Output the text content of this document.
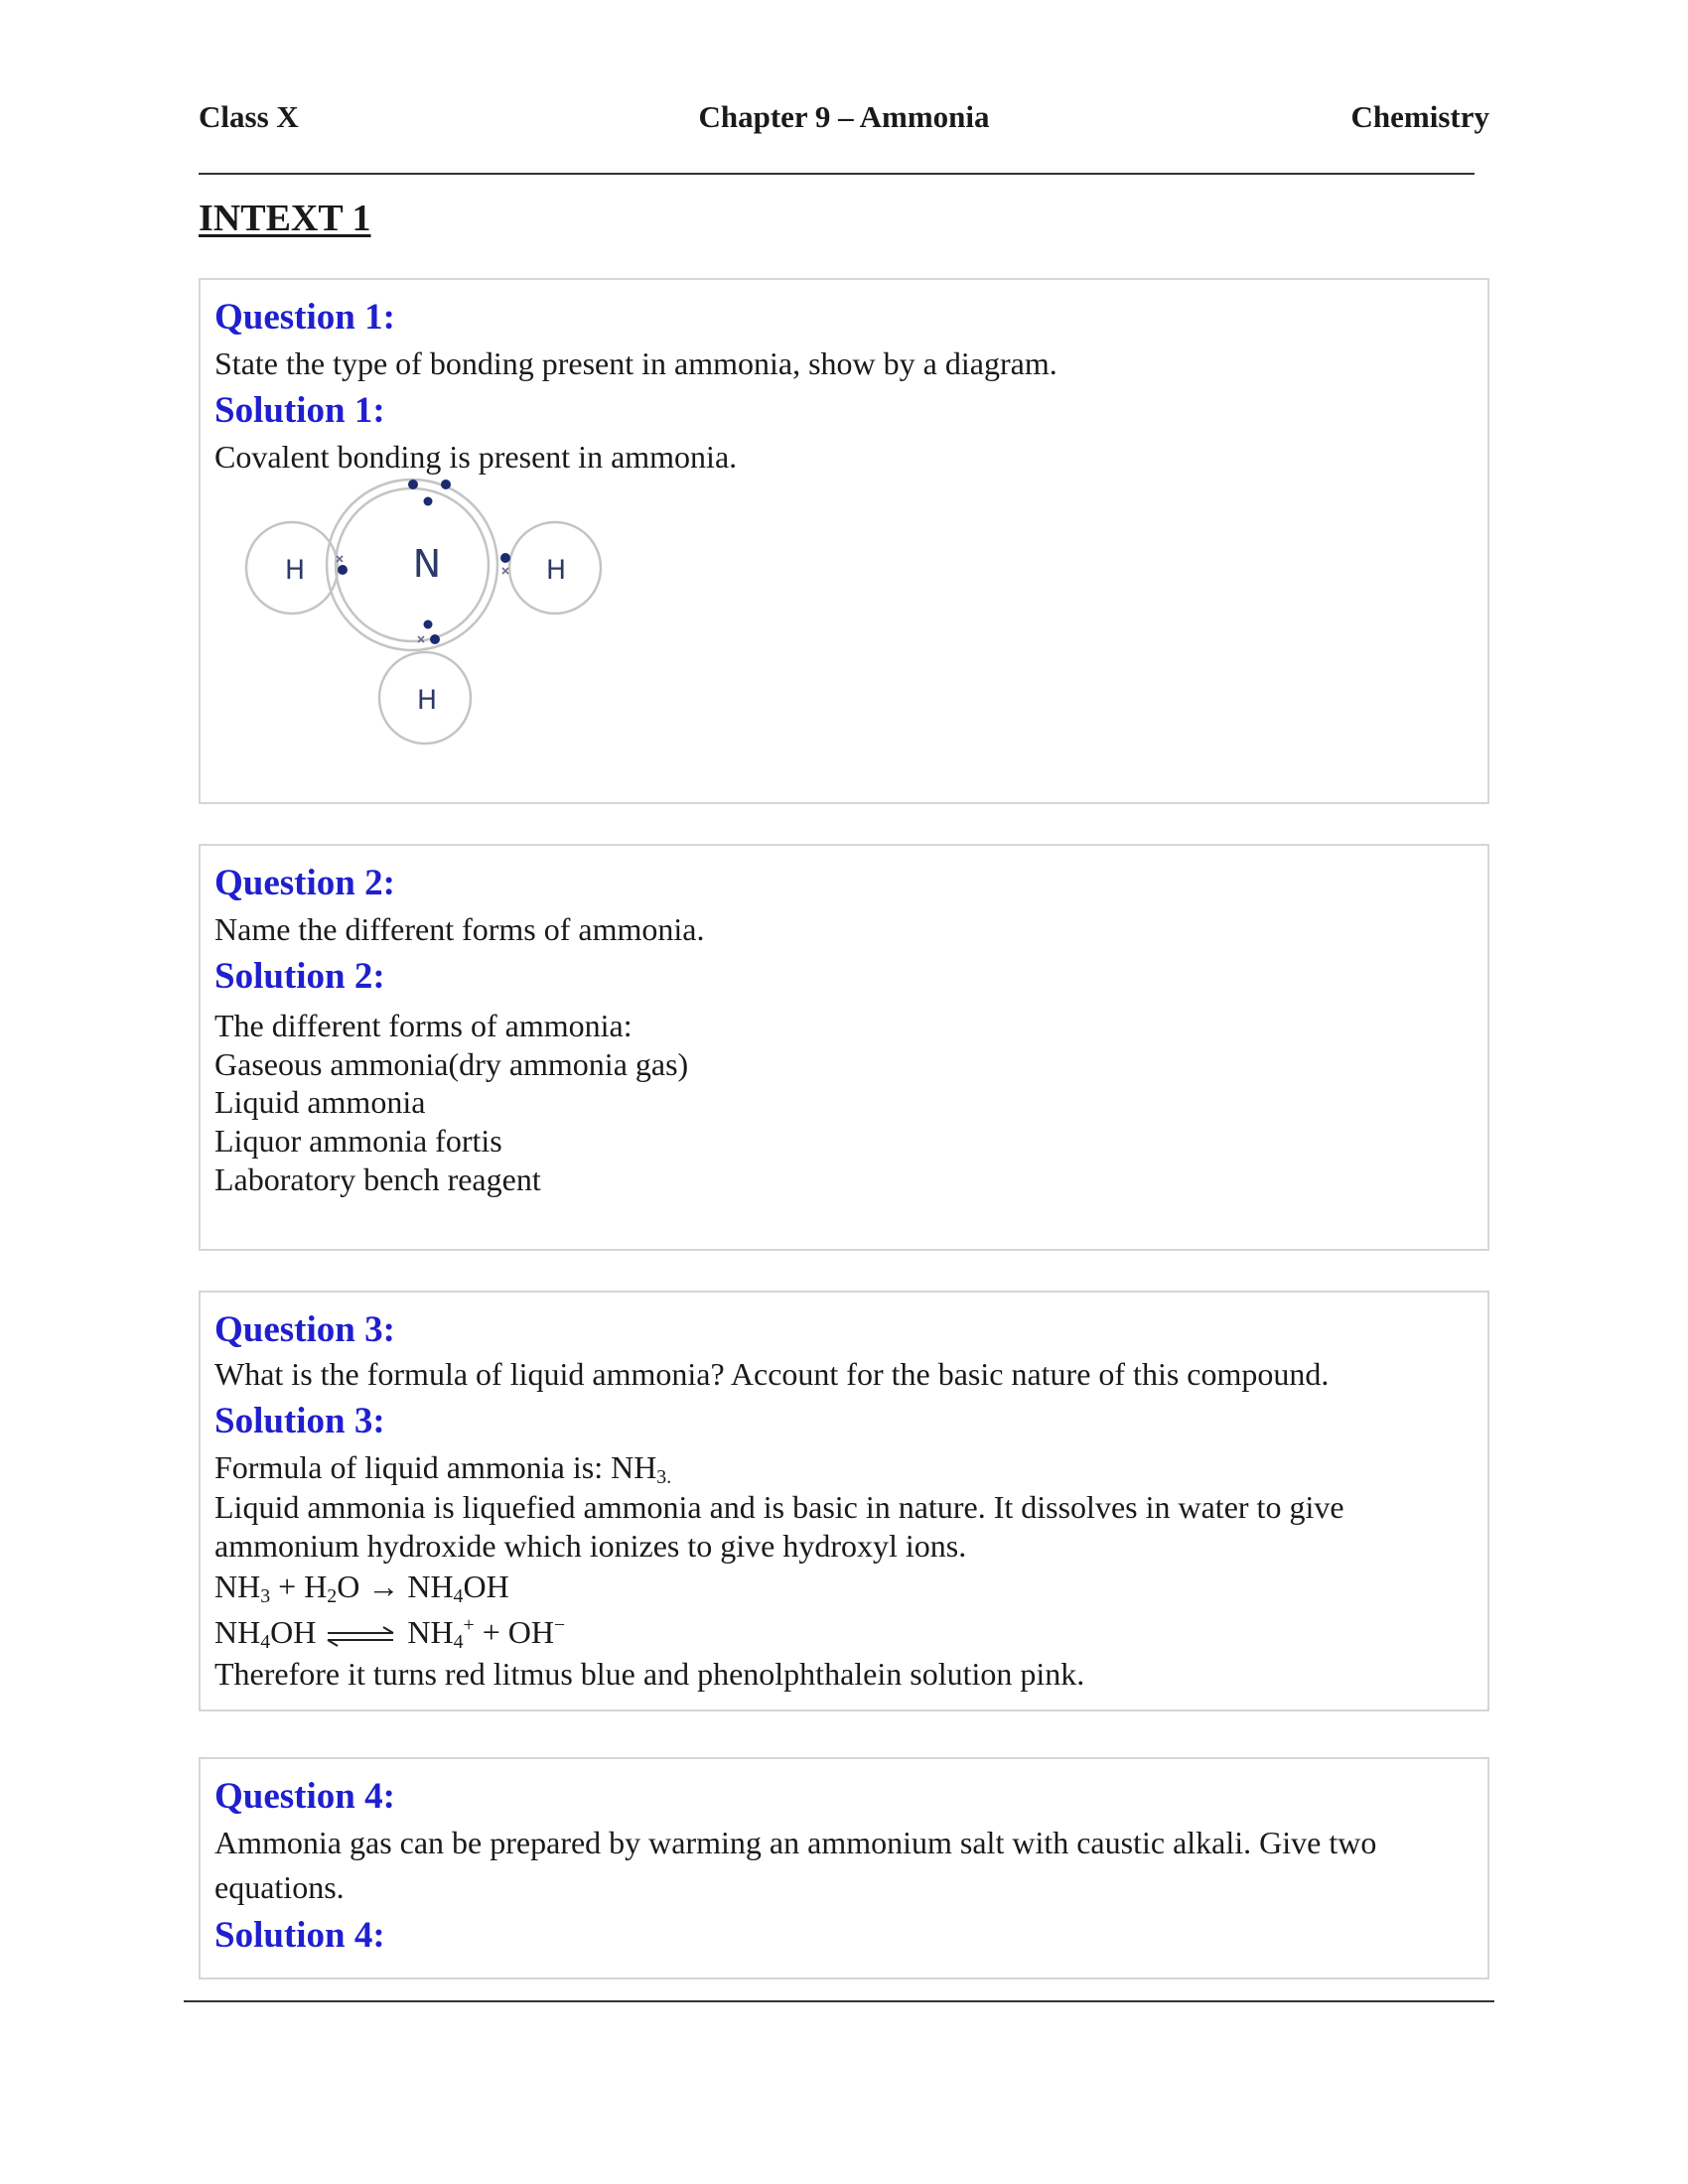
Class X	Chapter 9 – Ammonia	Chemistry
INTEXT 1
Question 1:
State the type of bonding present in ammonia, show by a diagram.
Solution 1:
Covalent bonding is present in ammonia.
N
H	H
H
Question 2:
Name the different forms of ammonia.
Solution 2:
The different forms of ammonia:
Gaseous ammonia(dry ammonia gas)
Liquid ammonia
Liquor ammonia fortis
Laboratory bench reagent
Question 3:
What is the formula of liquid ammonia? Account for the basic nature of this compound.
Solution 3:
Formula of liquid ammonia is: $NH_{3.}$
Liquid ammonia is liquefied ammonia and is basic in nature. It dissolves in water to give
ammonium hydroxide which ionizes to give hydroxyl ions.
$NH_3 + H_2O \to NH_4OH$
$NH_4OH$ ⇌ $NH_4^+ + OH^-$
Therefore it turns red litmus blue and phenolphthalein solution pink.
Question 4:
Ammonia gas can be prepared by warming an ammonium salt with caustic alkali. Give two
equations.
Solution 4:
